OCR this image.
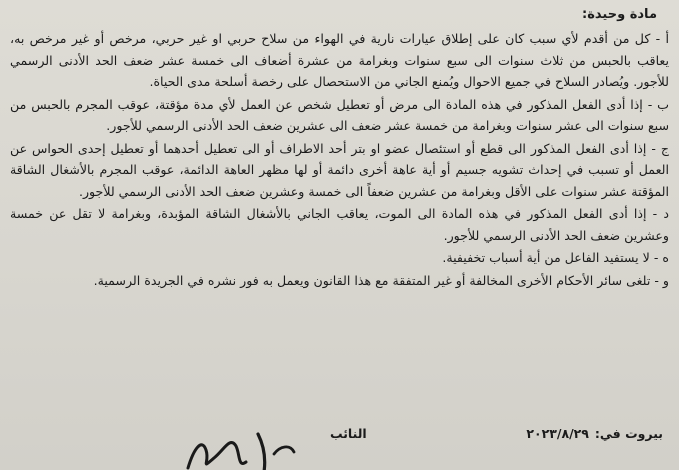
مادة وحيدة:

أ - كل من أقدم لأي سبب كان على إطلاق عيارات نارية في الهواء من سلاح حربي او غير حربي، مرخص أو غير مرخص به، يعاقب بالحبس من ثلاث سنوات الى سبع سنوات وبغرامة من عشرة أضعاف الى خمسة عشر ضعف الحد الأدنى الرسمي للأجور. ويُصادر السلاح في جميع الاحوال ويُمنع الجاني من الاستحصال على رخصة أسلحة مدى الحياة.

ب - إذا أدى الفعل المذكور في هذه المادة الى مرض أو تعطيل شخص عن العمل لأي مدة مؤقتة، عوقب المجرم بالحبس من سبع سنوات الى عشر سنوات وبغرامة من خمسة عشر ضعف الى عشرين ضعف الحد الأدنى الرسمي للأجور.

ج - إذا أدى الفعل المذكور الى قطع أو استئصال عضو او بتر أحد الاطراف أو الى تعطيل أحدهما أو تعطيل إحدى الحواس عن العمل أو تسبب في إحداث تشويه جسيم أو أية عاهة أخرى دائمة أو لها مظهر العاهة الدائمة، عوقب المجرم بالأشغال الشاقة المؤقتة عشر سنوات على الأقل وبغرامة من عشرين ضعفاً الى خمسة وعشرين ضعف الحد الأدنى الرسمي للأجور.

د - إذا أدى الفعل المذكور في هذه المادة الى الموت، يعاقب الجاني بالأشغال الشاقة المؤبدة، وبغرامة لا تقل عن خمسة وعشرين ضعف الحد الأدنى الرسمي للأجور.

ه - لا يستفيد الفاعل من أية أسباب تخفيفية.

و - تلغى سائر الأحكام الأخرى المخالفة أو غير المتفقة مع هذا القانون ويعمل به فور نشره في الجريدة الرسمية.

بيروت في:
٢٠٢٣/٨/٢٩
النائب
